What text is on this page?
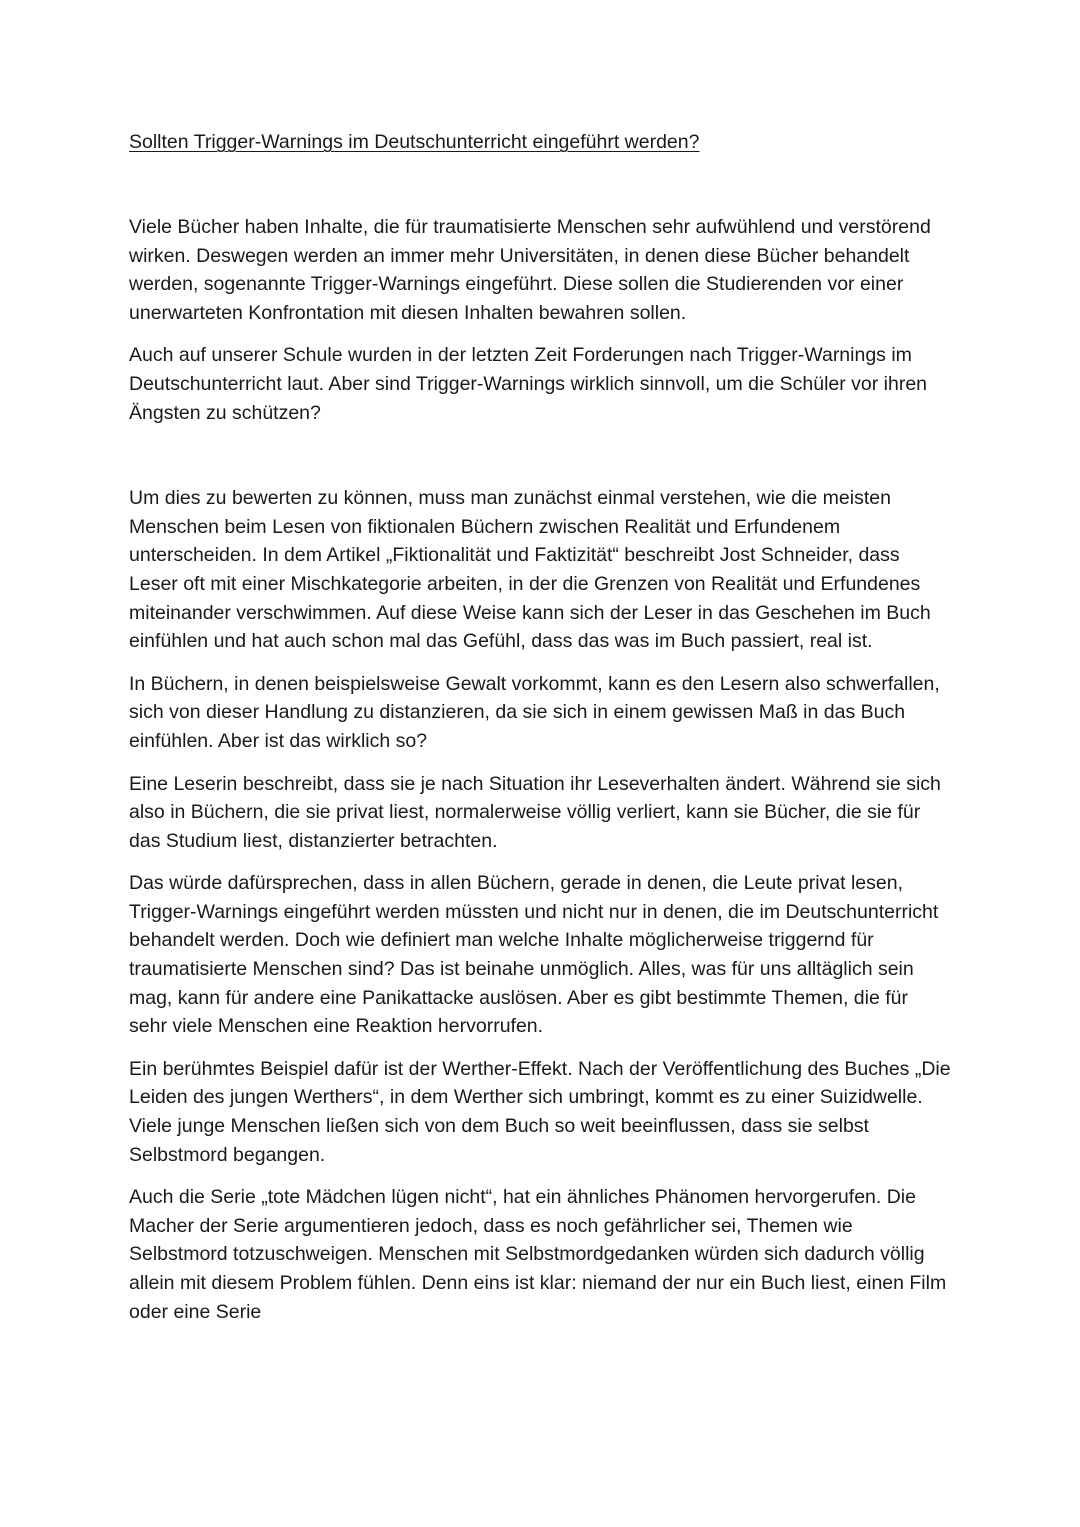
Sollten Trigger-Warnings im Deutschunterricht eingeführt werden?

Viele Bücher haben Inhalte, die für traumatisierte Menschen sehr aufwühlend und verstörend wirken. Deswegen werden an immer mehr Universitäten, in denen diese Bücher behandelt werden, sogenannte Trigger-Warnings eingeführt. Diese sollen die Studierenden vor einer unerwarteten Konfrontation mit diesen Inhalten bewahren sollen.

Auch auf unserer Schule wurden in der letzten Zeit Forderungen nach Trigger-Warnings im Deutschunterricht laut. Aber sind Trigger-Warnings wirklich sinnvoll, um die Schüler vor ihren Ängsten zu schützen?

Um dies zu bewerten zu können, muss man zunächst einmal verstehen, wie die meisten Menschen beim Lesen von fiktionalen Büchern zwischen Realität und Erfundenem unterscheiden. In dem Artikel „Fiktionalität und Faktizität“ beschreibt Jost Schneider, dass Leser oft mit einer Mischkategorie arbeiten, in der die Grenzen von Realität und Erfundenes miteinander verschwimmen. Auf diese Weise kann sich der Leser in das Geschehen im Buch einfühlen und hat auch schon mal das Gefühl, dass das was im Buch passiert, real ist.

In Büchern, in denen beispielsweise Gewalt vorkommt, kann es den Lesern also schwerfallen, sich von dieser Handlung zu distanzieren, da sie sich in einem gewissen Maß in das Buch einfühlen. Aber ist das wirklich so?

Eine Leserin beschreibt, dass sie je nach Situation ihr Leseverhalten ändert. Während sie sich also in Büchern, die sie privat liest, normalerweise völlig verliert, kann sie Bücher, die sie für das Studium liest, distanzierter betrachten.

Das würde dafürsprechen, dass in allen Büchern, gerade in denen, die Leute privat lesen, Trigger-Warnings eingeführt werden müssten und nicht nur in denen, die im Deutschunterricht behandelt werden. Doch wie definiert man welche Inhalte möglicherweise triggernd für traumatisierte Menschen sind? Das ist beinahe unmöglich. Alles, was für uns alltäglich sein mag, kann für andere eine Panikattacke auslösen. Aber es gibt bestimmte Themen, die für sehr viele Menschen eine Reaktion hervorrufen.

Ein berühmtes Beispiel dafür ist der Werther-Effekt. Nach der Veröffentlichung des Buches „Die Leiden des jungen Werthers“, in dem Werther sich umbringt, kommt es zu einer Suizidwelle. Viele junge Menschen ließen sich von dem Buch so weit beeinflussen, dass sie selbst Selbstmord begangen.

Auch die Serie „tote Mädchen lügen nicht“, hat ein ähnliches Phänomen hervorgerufen. Die Macher der Serie argumentieren jedoch, dass es noch gefährlicher sei, Themen wie Selbstmord totzuschweigen. Menschen mit Selbstmordgedanken würden sich dadurch völlig allein mit diesem Problem fühlen. Denn eins ist klar: niemand der nur ein Buch liest, einen Film oder eine Serie
